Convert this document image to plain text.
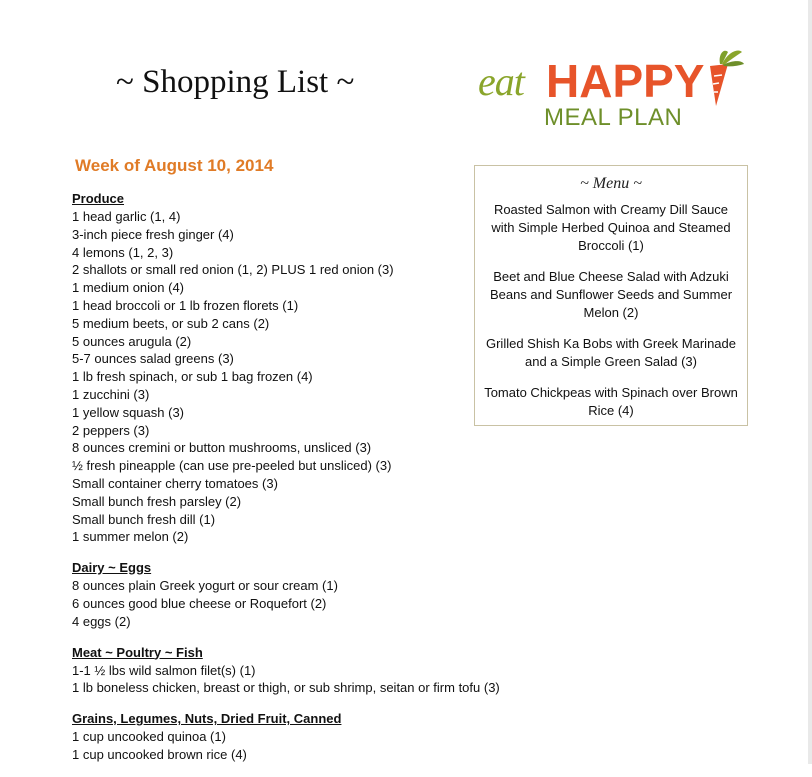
~ Shopping List ~	eat HAPPY
MEAL PLAN
Week of August 10, 2014
Produce
1 head garlic (1, 4)
3-inch piece fresh ginger (4)
4 lemons (1, 2, 3)
2 shallots or small red onion (1, 2) PLUS 1 red onion (3)
1 medium onion (4)
1 head broccoli or 1 lb frozen florets (1)
5 medium beets, or sub 2 cans (2)
5 ounces arugula (2)
5-7 ounces salad greens (3)
1 lb fresh spinach, or sub 1 bag frozen (4)
1 zucchini (3)
1 yellow squash (3)
2 peppers (3)
8 ounces cremini or button mushrooms, unsliced (3)
½ fresh pineapple (can use pre-peeled but unsliced) (3)
Small container cherry tomatoes (3)
Small bunch fresh parsley (2)
Small bunch fresh dill (1)
1 summer melon (2)
Dairy ~ Eggs
8 ounces plain Greek yogurt or sour cream (1)
6 ounces good blue cheese or Roquefort (2)
4 eggs (2)
Meat ~ Poultry ~ Fish
1-1 ½ lbs wild salmon filet(s) (1)
1 lb boneless chicken, breast or thigh, or sub shrimp, seitan or firm tofu (3)
Grains, Legumes, Nuts, Dried Fruit, Canned
1 cup uncooked quinoa (1)
1 cup uncooked brown rice (4)
~ Menu ~
Roasted Salmon with Creamy Dill Sauce with Simple Herbed Quinoa and Steamed Broccoli (1)
Beet and Blue Cheese Salad with Adzuki Beans and Sunflower Seeds and Summer Melon (2)
Grilled Shish Ka Bobs with Greek Marinade and a Simple Green Salad (3)
Tomato Chickpeas with Spinach over Brown Rice (4)
